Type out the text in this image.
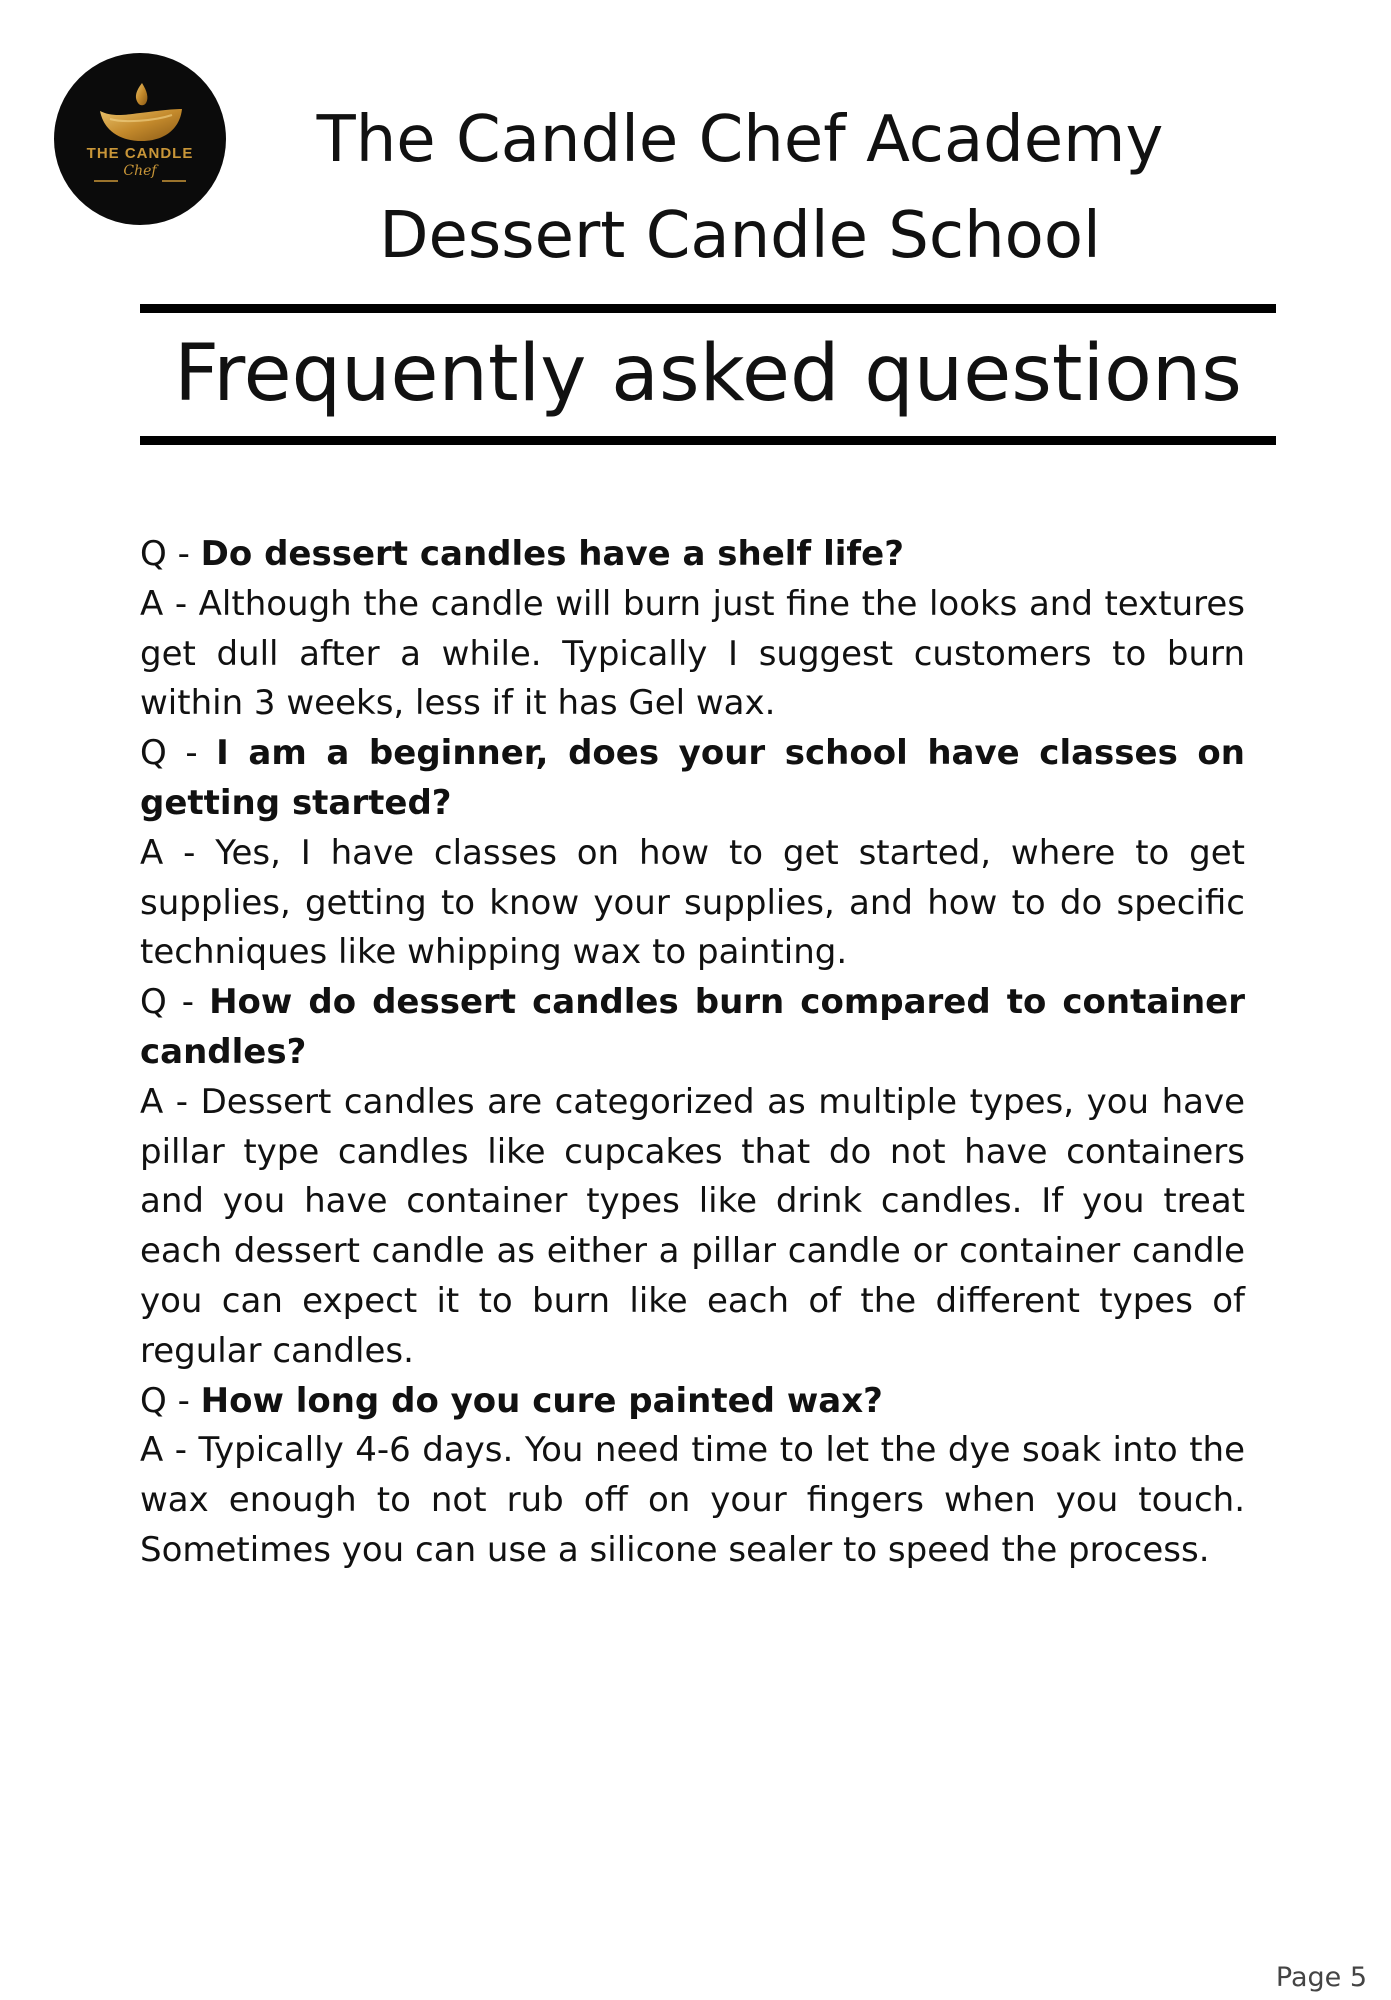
THE CANDLE
Chef	The Candle Chef Academy
Dessert Candle School
Frequently asked questions

Q - Do dessert candles have a shelf life?

A - Although the candle will burn just fine the looks and textures get dull after a while. Typically I suggest customers to burn within 3 weeks, less if it has Gel wax.

Q - I am a beginner, does your school have classes on getting started?

A - Yes, I have classes on how to get started, where to get supplies, getting to know your supplies, and how to do specific techniques like whipping wax to painting.

Q - How do dessert candles burn compared to container candles?

A - Dessert candles are categorized as multiple types, you have pillar type candles like cupcakes that do not have containers and you have container types like drink candles. If you treat each dessert candle as either a pillar candle or container candle you can expect it to burn like each of the different types of regular candles.

Q - How long do you cure painted wax?

A - Typically 4-6 days. You need time to let the dye soak into the wax enough to not rub off on your fingers when you touch. Sometimes you can use a silicone sealer to speed the process.

Page 5
